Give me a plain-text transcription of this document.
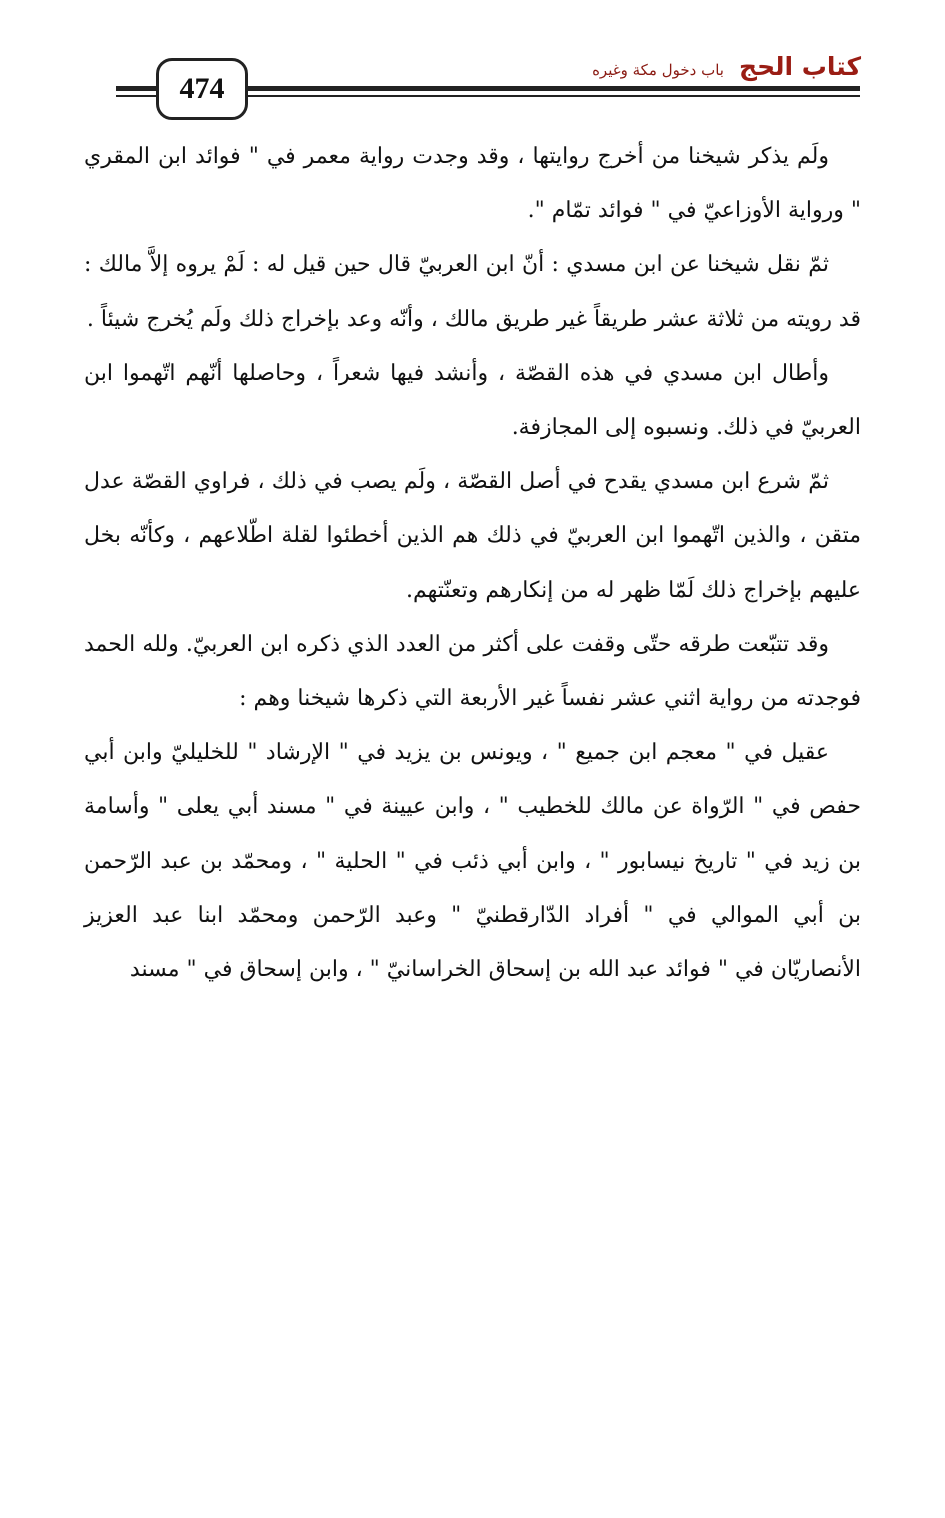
كتاب الحج باب دخول مكة وغيره
474

ولَم يذكر شيخنا من أخرج روايتها ، وقد وجدت رواية معمر في " فوائد ابن المقري " ورواية الأوزاعيّ في " فوائد تمّام ".

ثمّ نقل شيخنا عن ابن مسدي : أنّ ابن العربيّ قال حين قيل له : لَمْ يروه إلاَّ مالك : قد رويته من ثلاثة عشر طريقاً غير طريق مالك ، وأنّه وعد بإخراج ذلك ولَم يُخرج شيئاً .

وأطال ابن مسدي في هذه القصّة ، وأنشد فيها شعراً ، وحاصلها أنّهم اتّهموا ابن العربيّ في ذلك. ونسبوه إلى المجازفة.

ثمّ شرع ابن مسدي يقدح في أصل القصّة ، ولَم يصب في ذلك ، فراوي القصّة عدل متقن ، والذين اتّهموا ابن العربيّ في ذلك هم الذين أخطئوا لقلة اطّلاعهم ، وكأنّه بخل عليهم بإخراج ذلك لَمّا ظهر له من إنكارهم وتعنّتهم.

وقد تتبّعت طرقه حتّى وقفت على أكثر من العدد الذي ذكره ابن العربيّ. ولله الحمد فوجدته من رواية اثني عشر نفساً غير الأربعة التي ذكرها شيخنا وهم :

عقيل في " معجم ابن جميع " ، ويونس بن يزيد في " الإرشاد " للخليليّ وابن أبي حفص في " الرّواة عن مالك للخطيب " ، وابن عيينة في " مسند أبي يعلى " وأسامة بن زيد في " تاريخ نيسابور " ، وابن أبي ذئب في " الحلية " ، ومحمّد بن عبد الرّحمن بن أبي الموالي في " أفراد الدّارقطنيّ " وعبد الرّحمن ومحمّد ابنا عبد العزيز الأنصاريّان في " فوائد عبد الله بن إسحاق الخراسانيّ " ، وابن إسحاق في " مسند
